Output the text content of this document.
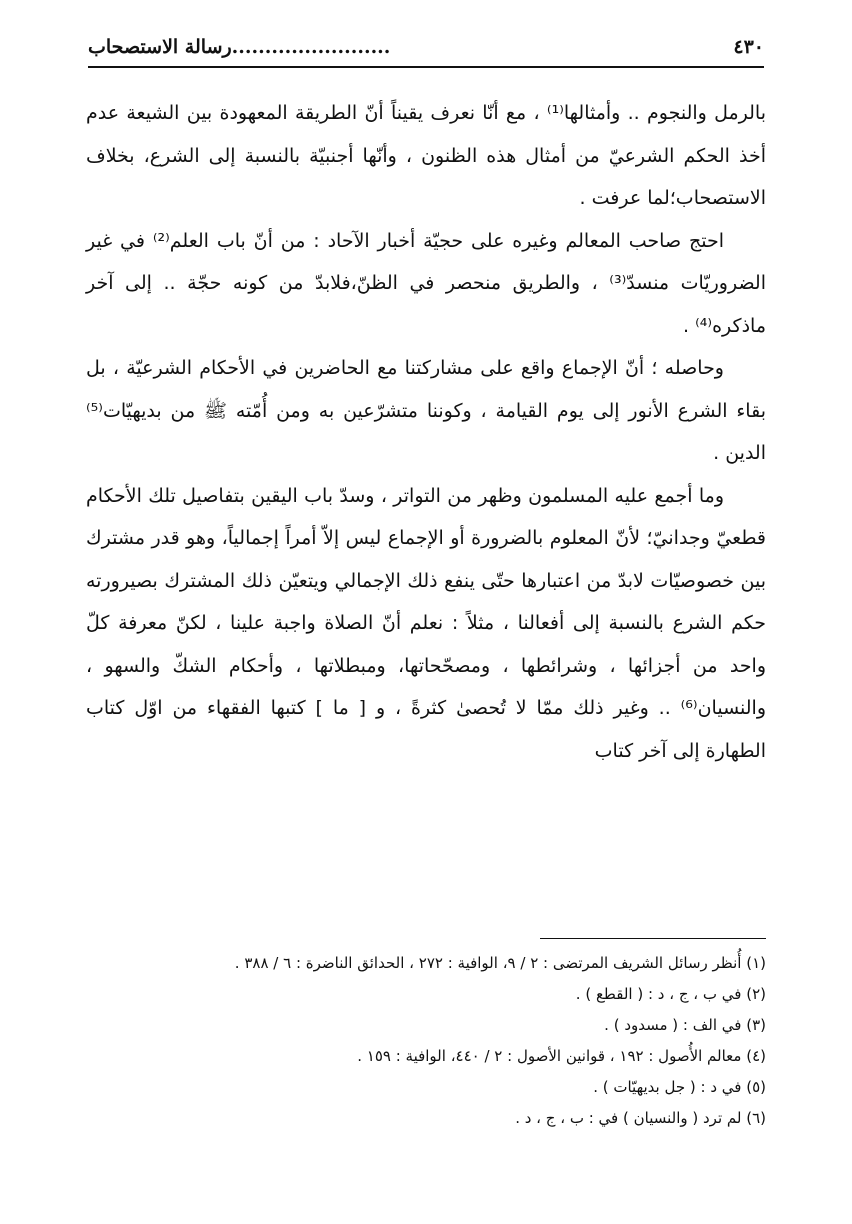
٤٣٠
........................رسالة الاستصحاب

بالرمل والنجوم .. وأمثالها⁽¹⁾ ، مع أنّا نعرف يقيناً أنّ الطريقة المعهودة بين الشيعة عدم أخذ الحكم الشرعيّ من أمثال هذه الظنون ، وأنّها أجنبيّة بالنسبة إلى الشرع، بخلاف الاستصحاب؛لما عرفت .

احتج صاحب المعالم وغيره على حجيّة أخبار الآحاد : من أنّ باب العلم⁽²⁾ في غير الضروريّات منسدّ⁽³⁾ ، والطريق منحصر في الظنّ،فلابدّ من كونه حجّة .. إلى آخر ماذكره⁽⁴⁾ .

وحاصله ؛ أنّ الإجماع واقع على مشاركتنا مع الحاضرين في الأحكام الشرعيّة ، بل بقاء الشرع الأنور إلى يوم القيامة ، وكوننا متشرّعين به ومن أُمّته ﷺ من بديهيّات⁽⁵⁾ الدين .

وما أجمع عليه المسلمون وظهر من التواتر ، وسدّ باب اليقين بتفاصيل تلك الأحكام قطعيّ وجدانيّ؛ لأنّ المعلوم بالضرورة أو الإجماع ليس إلاّ أمراً إجمالياً، وهو قدر مشترك بين خصوصيّات لابدّ من اعتبارها حتّى ينفع ذلك الإجمالي ويتعيّن ذلك المشترك بصيرورته حكم الشرع بالنسبة إلى أفعالنا ، مثلاً : نعلم أنّ الصلاة واجبة علينا ، لكنّ معرفة كلّ واحد من أجزائها ، وشرائطها ، ومصحّحاتها، ومبطلاتها ، وأحكام الشكّ والسهو ، والنسيان⁽⁶⁾ .. وغير ذلك ممّا لا تُحصىٰ كثرةً ، و [ ما ] كتبها الفقهاء من اوّل كتاب الطهارة إلى آخر كتاب

(١) أُنظر رسائل الشريف المرتضى : ٢ / ٩، الوافية : ٢٧٢ ، الحدائق الناضرة : ٦ / ٣٨٨ .
(٢) في ب ، ج ، د : ( القطع ) .
(٣) في الف : ( مسدود ) .
(٤) معالم الأُصول : ١٩٢ ، قوانين الأصول : ٢ / ٤٤٠، الوافية : ١٥٩ .
(٥) في د : ( جل بديهيّات ) .
(٦) لم ترد ( والنسيان ) في : ب ، ج ، د .
